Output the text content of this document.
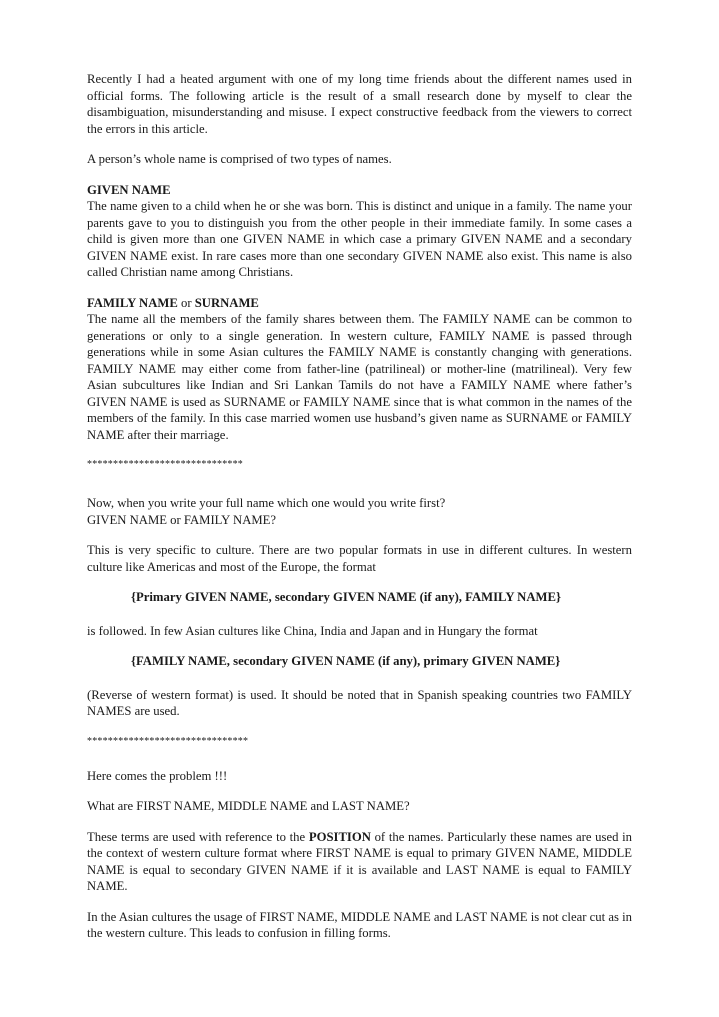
Recently I had a heated argument with one of my long time friends about the different names used in official forms. The following article is the result of a small research done by myself to clear the disambiguation, misunderstanding and misuse. I expect constructive feedback from the viewers to correct the errors in this article.

A person’s whole name is comprised of two types of names.

GIVEN NAME

The name given to a child when he or she was born. This is distinct and unique in a family. The name your parents gave to you to distinguish you from the other people in their immediate family. In some cases a child is given more than one GIVEN NAME in which case a primary GIVEN NAME and a secondary GIVEN NAME exist. In rare cases more than one secondary GIVEN NAME also exist. This name is also called Christian name among Christians.

FAMILY NAME or SURNAME

The name all the members of the family shares between them. The FAMILY NAME can be common to generations or only to a single generation. In western culture, FAMILY NAME is passed through generations while in some Asian cultures the FAMILY NAME is constantly changing with generations. FAMILY NAME may either come from father-line (patrilineal) or mother-line (matrilineal). Very few Asian subcultures like Indian and Sri Lankan Tamils do not have a FAMILY NAME where father’s GIVEN NAME is used as SURNAME or FAMILY NAME since that is what common in the names of the members of the family. In this case married women use husband’s given name as SURNAME or FAMILY NAME after their marriage.

******************************

Now, when you write your full name which one would you write first?

GIVEN NAME or FAMILY NAME?

This is very specific to culture. There are two popular formats in use in different cultures. In western culture like Americas and most of the Europe, the format

{Primary GIVEN NAME, secondary GIVEN NAME (if any), FAMILY NAME}

is followed. In few Asian cultures like China, India and Japan and in Hungary the format

{FAMILY NAME, secondary GIVEN NAME (if any), primary GIVEN NAME}

(Reverse of western format) is used. It should be noted that in Spanish speaking countries two FAMILY NAMES are used.

*******************************

Here comes the problem !!!

What are FIRST NAME, MIDDLE NAME and LAST NAME?

These terms are used with reference to the POSITION of the names. Particularly these names are used in the context of western culture format where FIRST NAME is equal to primary GIVEN NAME, MIDDLE NAME is equal to secondary GIVEN NAME if it is available and LAST NAME is equal to FAMILY NAME.

In the Asian cultures the usage of FIRST NAME, MIDDLE NAME and LAST NAME is not clear cut as in the western culture. This leads to confusion in filling forms.
